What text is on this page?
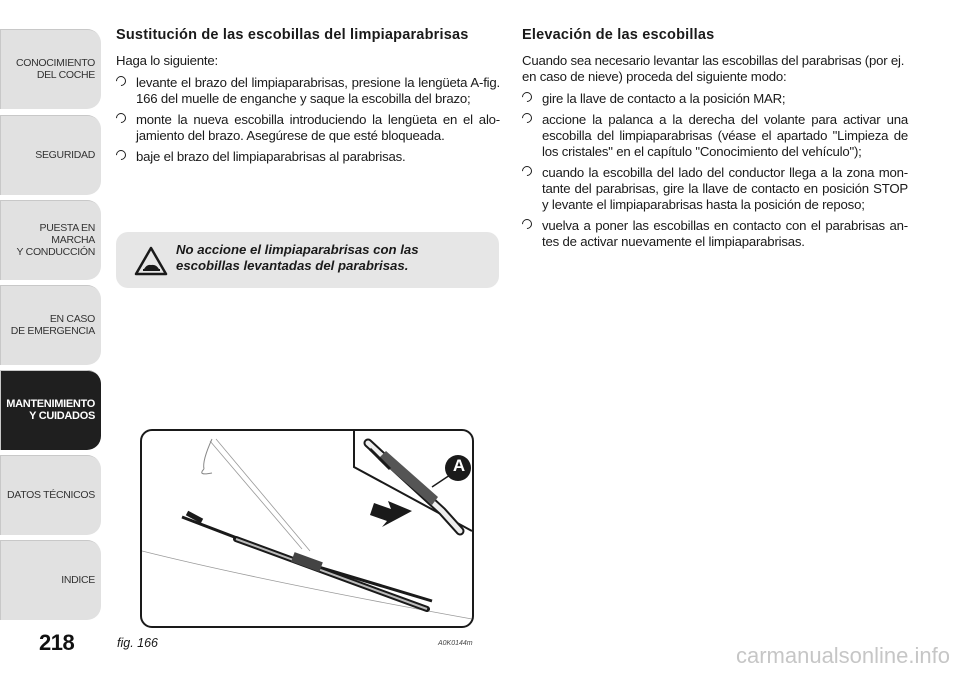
CONOCIMIENTO
DEL COCHE
SEGURIDAD
PUESTA EN MARCHA
Y CONDUCCIÓN
EN CASO
DE EMERGENCIA
MANTENIMIENTO
Y CUIDADOS
DATOS TÉCNICOS
INDICE
218
Sustitución de las escobillas del limpiaparabrisas

Haga lo siguiente:

levante el brazo del limpiaparabrisas, presione la lengüeta A-fig. 166 del muelle de enganche y saque la escobilla del brazo;
monte la nueva escobilla introduciendo la lengüeta en el alo-jamiento del brazo. Asegúrese de que esté bloqueada.
baje el brazo del limpiaparabrisas al parabrisas.
No accione el limpiaparabrisas con las escobillas levantadas del parabrisas.
Elevación de las escobillas

Cuando sea necesario levantar las escobillas del parabrisas (por ej. en caso de nieve) proceda del siguiente modo:

gire la llave de contacto a la posición MAR;
accione la palanca a la derecha del volante para activar una escobilla del limpiaparabrisas (véase el apartado "Limpieza de los cristales" en el capítulo "Conocimiento del vehículo");
cuando la escobilla del lado del conductor llega a la zona mon-tante del parabrisas, gire la llave de contacto en posición STOP y levante el limpiaparabrisas hasta la posición de reposo;
vuelva a poner las escobillas en contacto con el parabrisas an-tes de activar nuevamente el limpiaparabrisas.
A
fig. 166	A0K0144m	carmanualsonline.info
